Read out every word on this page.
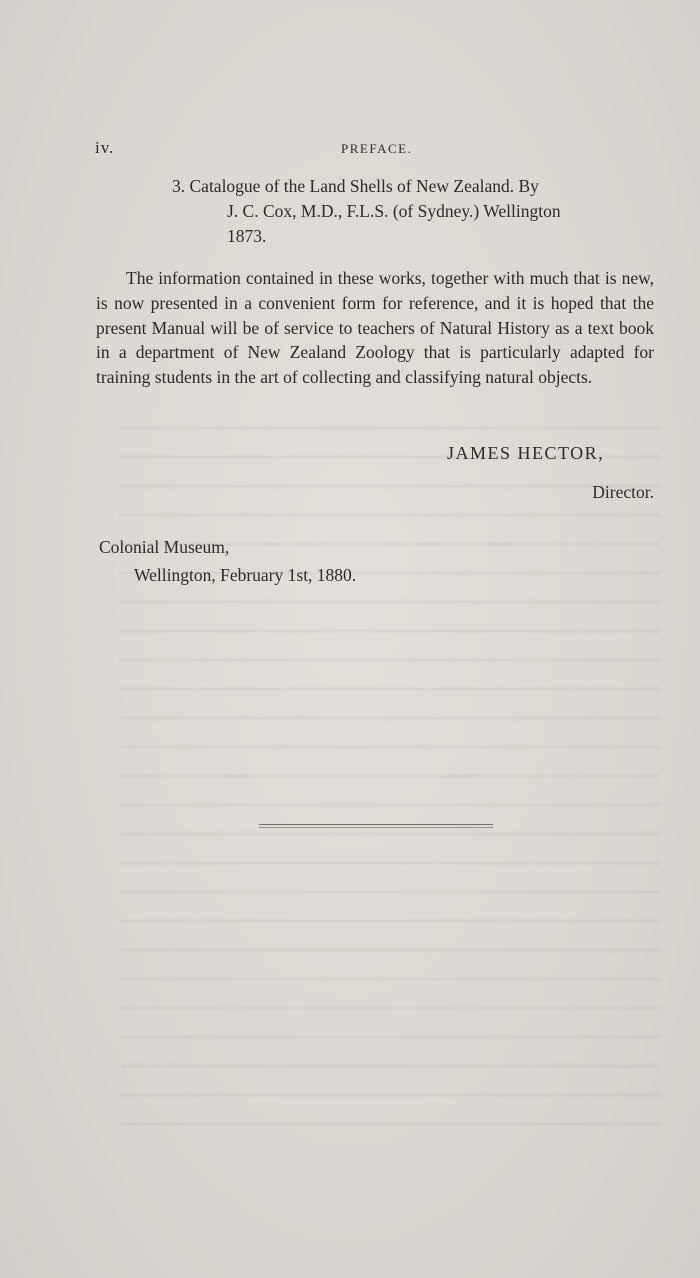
iv.	PREFACE.
3. Catalogue of the Land Shells of New Zealand. By
J. C. Cox, M.D., F.L.S. (of Sydney.) Wellington
1873.

The information contained in these works, together with much that is new, is now presented in a convenient form for reference, and it is hoped that the present Manual will be of service to teachers of Natural History as a text book in a department of New Zealand Zoology that is particularly adapted for training students in the art of collecting and classifying natural objects.

JAMES HECTOR,
Director.
Colonial Museum,
Wellington, February 1st, 1880.
